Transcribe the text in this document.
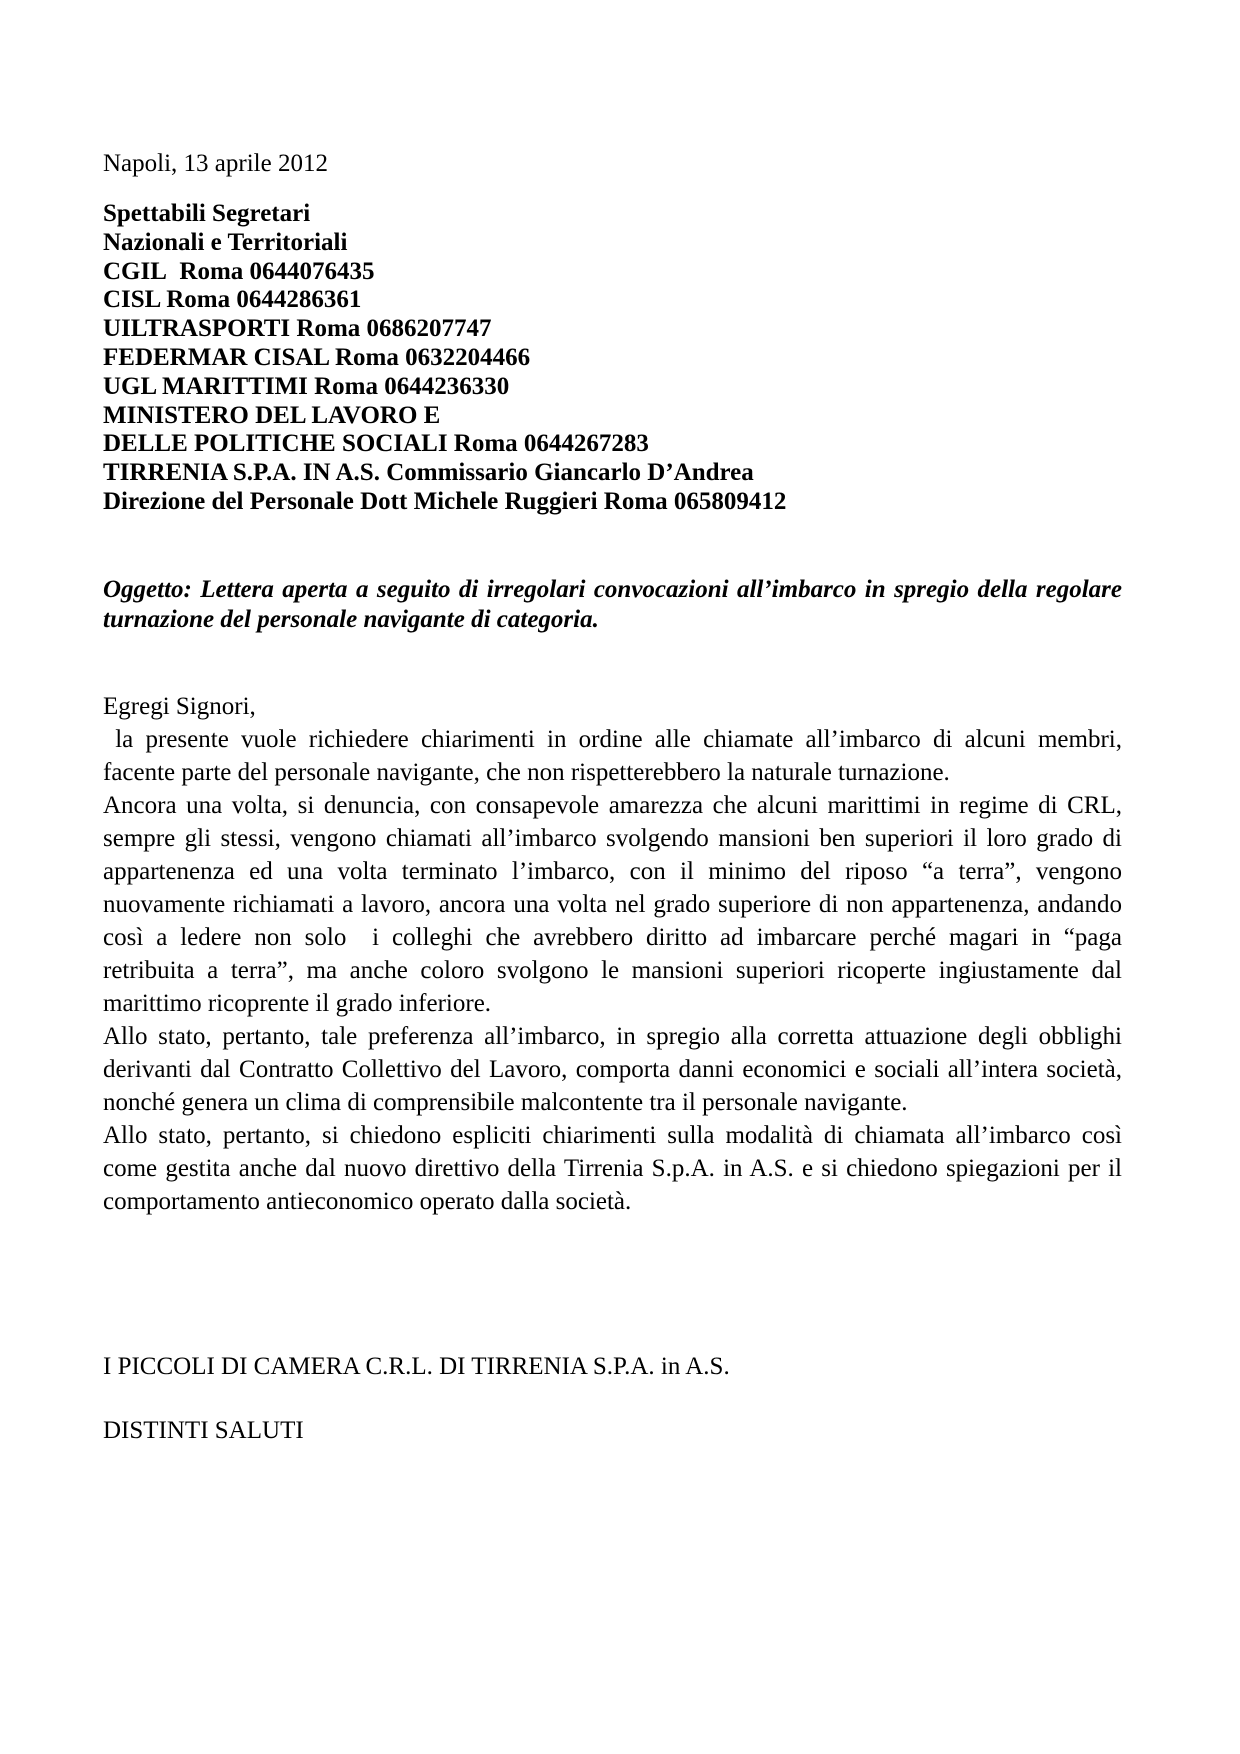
Napoli, 13 aprile 2012
Spettabili Segretari
Nazionali e Territoriali
CGIL  Roma 0644076435
CISL Roma 0644286361
UILTRASPORTI Roma 0686207747
FEDERMAR CISAL Roma 0632204466
UGL MARITTIMI Roma 0644236330
MINISTERO DEL LAVORO E
DELLE POLITICHE SOCIALI Roma 0644267283
TIRRENIA S.P.A. IN A.S. Commissario Giancarlo D’Andrea
Direzione del Personale Dott Michele Ruggieri Roma 065809412
Oggetto: Lettera aperta a seguito di irregolari convocazioni all’imbarco in spregio della regolare
turnazione del personale navigante di categoria.
Egregi Signori,
la presente vuole richiedere chiarimenti in ordine alle chiamate all’imbarco di alcuni membri,
facente parte del personale navigante, che non rispetterebbero la naturale turnazione.
Ancora una volta, si denuncia, con consapevole amarezza che alcuni marittimi in regime di CRL,
sempre gli stessi, vengono chiamati all’imbarco svolgendo mansioni ben superiori il loro grado di
appartenenza ed una volta terminato l’imbarco, con il minimo del riposo “a terra”, vengono
nuovamente richiamati a lavoro, ancora una volta nel grado superiore di non appartenenza, andando
così a ledere non solo  i colleghi che avrebbero diritto ad imbarcare perché magari in “paga
retribuita a terra”, ma anche coloro svolgono le mansioni superiori ricoperte ingiustamente dal
marittimo ricoprente il grado inferiore.
Allo stato, pertanto, tale preferenza all’imbarco, in spregio alla corretta attuazione degli obblighi
derivanti dal Contratto Collettivo del Lavoro, comporta danni economici e sociali all’intera società,
nonché genera un clima di comprensibile malcontente tra il personale navigante.
Allo stato, pertanto, si chiedono espliciti chiarimenti sulla modalità di chiamata all’imbarco così
come gestita anche dal nuovo direttivo della Tirrenia S.p.A. in A.S. e si chiedono spiegazioni per il
comportamento antieconomico operato dalla società.
I PICCOLI DI CAMERA C.R.L. DI TIRRENIA S.P.A. in A.S.
DISTINTI SALUTI
